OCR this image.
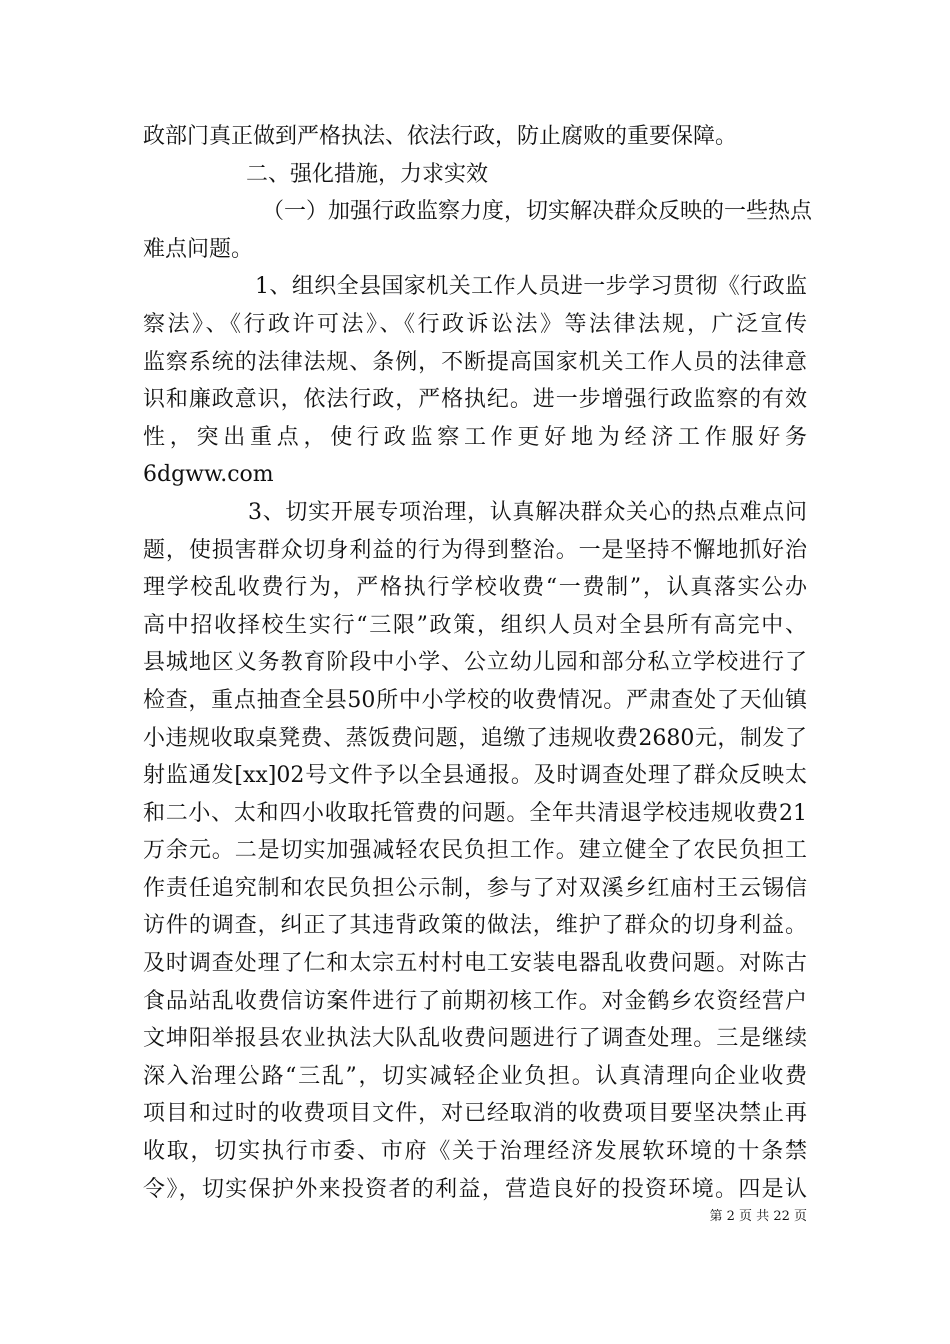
政部门真正做到严格执法、依法行政，防止腐败的重要保障。
二、强化措施，力求实效
（一）加强行政监察力度，切实解决群众反映的一些热点
难点问题。
1、组织全县国家机关工作人员进一步学习贯彻《行政监
察法》、《行政许可法》、《行政诉讼法》等法律法规，广泛宣传
监察系统的法律法规、条例，不断提高国家机关工作人员的法律意
识和廉政意识，依法行政，严格执纪。进一步增强行政监察的有效
性，突出重点，使行政监察工作更好地为经济工作服好务
6dgww.com
3、切实开展专项治理，认真解决群众关心的热点难点问
题，使损害群众切身利益的行为得到整治。一是坚持不懈地抓好治
理学校乱收费行为，严格执行学校收费“一费制”，认真落实公办
高中招收择校生实行“三限”政策，组织人员对全县所有高完中、
县城地区义务教育阶段中小学、公立幼儿园和部分私立学校进行了
检查，重点抽查全县50所中小学校的收费情况。严肃查处了天仙镇
小违规收取桌凳费、蒸饭费问题，追缴了违规收费2680元，制发了
射监通发[xx]02号文件予以全县通报。及时调查处理了群众反映太
和二小、太和四小收取托管费的问题。全年共清退学校违规收费21
万余元。二是切实加强减轻农民负担工作。建立健全了农民负担工
作责任追究制和农民负担公示制，参与了对双溪乡红庙村王云锡信
访件的调查，纠正了其违背政策的做法，维护了群众的切身利益。
及时调查处理了仁和太宗五村村电工安装电器乱收费问题。对陈古
食品站乱收费信访案件进行了前期初核工作。对金鹤乡农资经营户
文坤阳举报县农业执法大队乱收费问题进行了调查处理。三是继续
深入治理公路“三乱”，切实减轻企业负担。认真清理向企业收费
项目和过时的收费项目文件，对已经取消的收费项目要坚决禁止再
收取，切实执行市委、市府《关于治理经济发展软环境的十条禁
令》，切实保护外来投资者的利益，营造良好的投资环境。四是认
第 2 页 共 22 页
